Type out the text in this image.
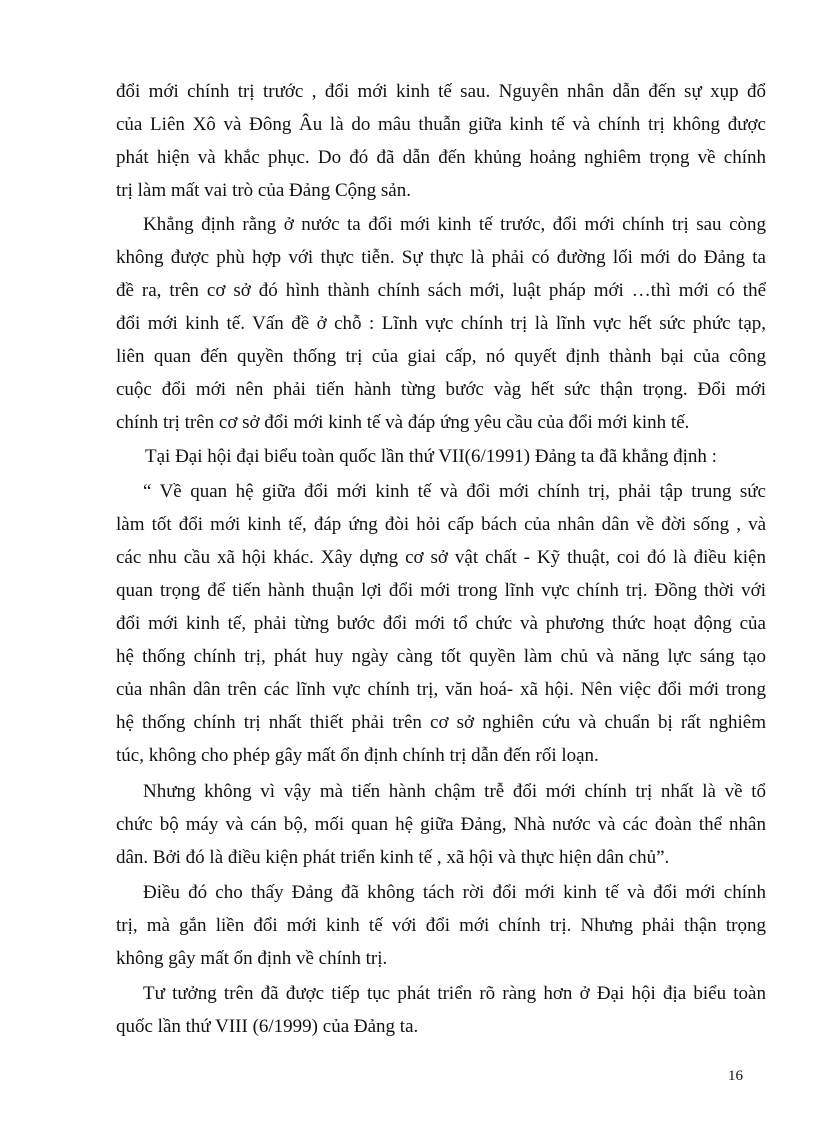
16
đổi mới chính trị trước , đổi mới kinh tế sau. Nguyên nhân dẫn đến sự xụp đổ
của Liên Xô và Đông Âu là do mâu thuẫn giữa kinh tế và chính trị không được
phát hiện và khắc phục. Do đó đã dẫn đến khủng hoảng nghiêm trọng về chính
trị làm mất vai trò của Đảng Cộng sản.
Khẳng định rằng ở nước ta đổi mới kinh tế trước, đổi mới chính trị sau còng
không được phù hợp với thực tiễn. Sự thực là phải có đường lối mới do Đảng ta
đề ra, trên cơ sở đó hình thành chính sách mới, luật pháp mới …thì mới có thể
đổi mới kinh tế. Vấn đề ở chỗ : Lĩnh vực chính trị là lĩnh vực hết sức phức tạp,
liên quan đến quyền thống trị của giai cấp, nó quyết định thành bại của công
cuộc đổi mới nên phải tiến hành từng bước vàg hết sức thận trọng. Đổi mới
chính trị trên cơ sở đổi mới kinh tế và đáp ứng yêu cầu của đổi mới kinh tế.
Tại Đại hội đại biểu toàn quốc lần thứ VII(6/1991) Đảng ta đã khẳng định :
“ Về quan hệ giữa đổi mới kinh tế và đổi mới chính trị, phải tập trung sức
làm tốt đổi mới kinh tế, đáp ứng đòi hỏi cấp bách của nhân dân về đời sống , và
các nhu cầu xã hội khác. Xây dựng cơ sở vật chất - Kỹ thuật, coi đó là điều kiện
quan trọng để tiến hành thuận lợi đổi mới trong lĩnh vực chính trị. Đồng thời với
đổi mới kinh tế, phải từng bước đổi mới tổ chức và phương thức hoạt động của
hệ thống chính trị, phát huy ngày càng tốt quyền làm chủ và năng lực sáng tạo
của nhân dân trên các lĩnh vực chính trị, văn hoá- xã hội. Nên việc đổi mới trong
hệ thống chính trị nhất thiết phải trên cơ sở nghiên cứu và chuẩn bị rất nghiêm
túc, không cho phép gây mất ổn định chính trị dẫn đến rối loạn.
Nhưng không vì vậy mà tiến hành chậm trễ đổi mới chính trị nhất là về tổ
chức bộ máy và cán bộ, mối quan hệ giữa Đảng, Nhà nước và các đoàn thể nhân
dân. Bởi đó là điều kiện phát triển kinh tế , xã hội và thực hiện dân chủ”.
Điều đó cho thấy Đảng đã không tách rời đổi mới kinh tế và đổi mới chính
trị, mà gắn liền đổi mới kinh tế với đổi mới chính trị. Nhưng phải thận trọng
không gây mất ổn định về chính trị.
Tư tưởng trên đã được tiếp tục phát triển rõ ràng hơn ở Đại hội địa biểu toàn
quốc lần thứ VIII (6/1999) của Đảng ta.
